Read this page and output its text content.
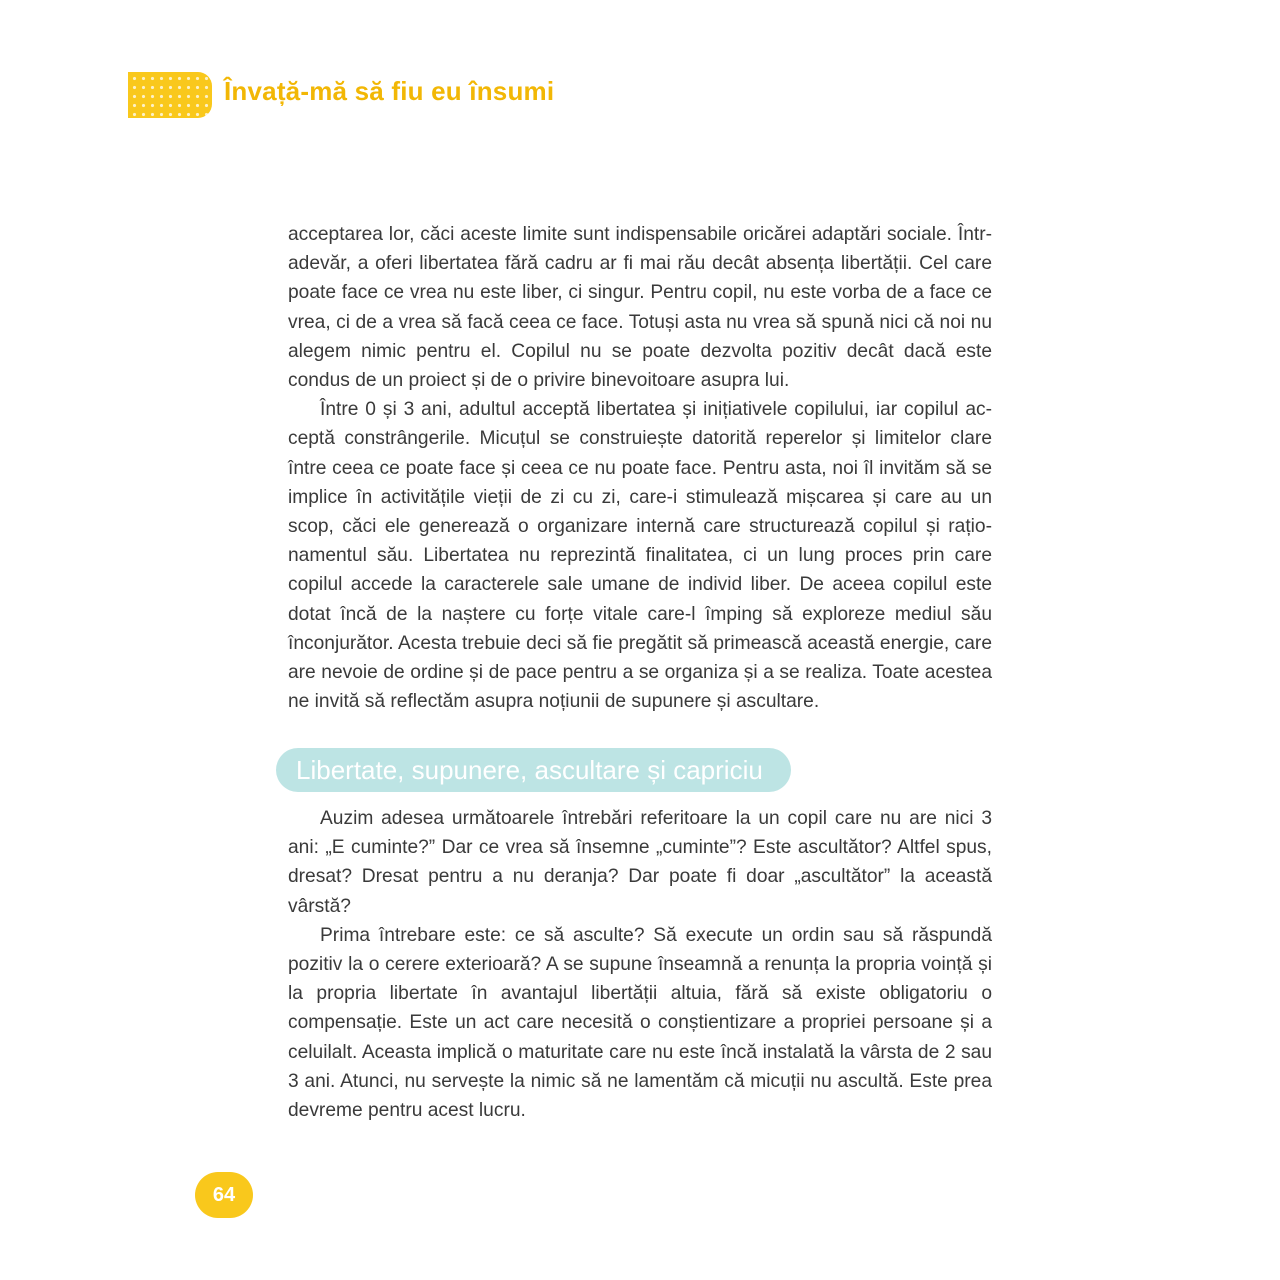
Învață-mă să fiu eu însumi

acceptarea lor, căci aceste limite sunt indispensabile oricărei adaptări sociale. Într-adevăr, a oferi libertatea fără cadru ar fi mai rău decât absența libertății. Cel care poate face ce vrea nu este liber, ci singur. Pentru copil, nu este vorba de a face ce vrea, ci de a vrea să facă ceea ce face. Totuși asta nu vrea să spună nici că noi nu alegem nimic pentru el. Copilul nu se poate dezvolta pozitiv decât dacă este condus de un proiect și de o privire binevoitoare asupra lui.

Între 0 și 3 ani, adultul acceptă libertatea și inițiativele copilului, iar copilul acceptă constrângerile. Micuțul se construiește datorită reperelor și limitelor clare între ceea ce poate face și ceea ce nu poate face. Pentru asta, noi îl invităm să se implice în activitățile vieții de zi cu zi, care-i stimulează mișcarea și care au un scop, căci ele generează o organizare internă care structurează copilul și raționamentul său. Libertatea nu reprezintă finalitatea, ci un lung proces prin care copilul accede la caracterele sale umane de individ liber. De aceea copilul este dotat încă de la naștere cu forțe vitale care-l împing să exploreze mediul său înconjurător. Acesta trebuie deci să fie pregătit să primească această energie, care are nevoie de ordine și de pace pentru a se organiza și a se realiza. Toate acestea ne invită să reflectăm asupra noțiunii de supunere și ascultare.

Libertate, supunere, ascultare și capriciu

Auzim adesea următoarele întrebări referitoare la un copil care nu are nici 3 ani: „E cuminte?” Dar ce vrea să însemne „cuminte”? Este ascultător? Altfel spus, dresat? Dresat pentru a nu deranja? Dar poate fi doar „ascultător” la această vârstă?

Prima întrebare este: ce să asculte? Să execute un ordin sau să răspundă pozitiv la o cerere exterioară? A se supune înseamnă a renunța la propria voință și la propria libertate în avantajul libertății altuia, fără să existe obligatoriu o compensație. Este un act care necesită o conștientizare a propriei persoane și a celuilalt. Aceasta implică o maturitate care nu este încă instalată la vârsta de 2 sau 3 ani. Atunci, nu servește la nimic să ne lamentăm că micuții nu ascultă. Este prea devreme pentru acest lucru.

64
